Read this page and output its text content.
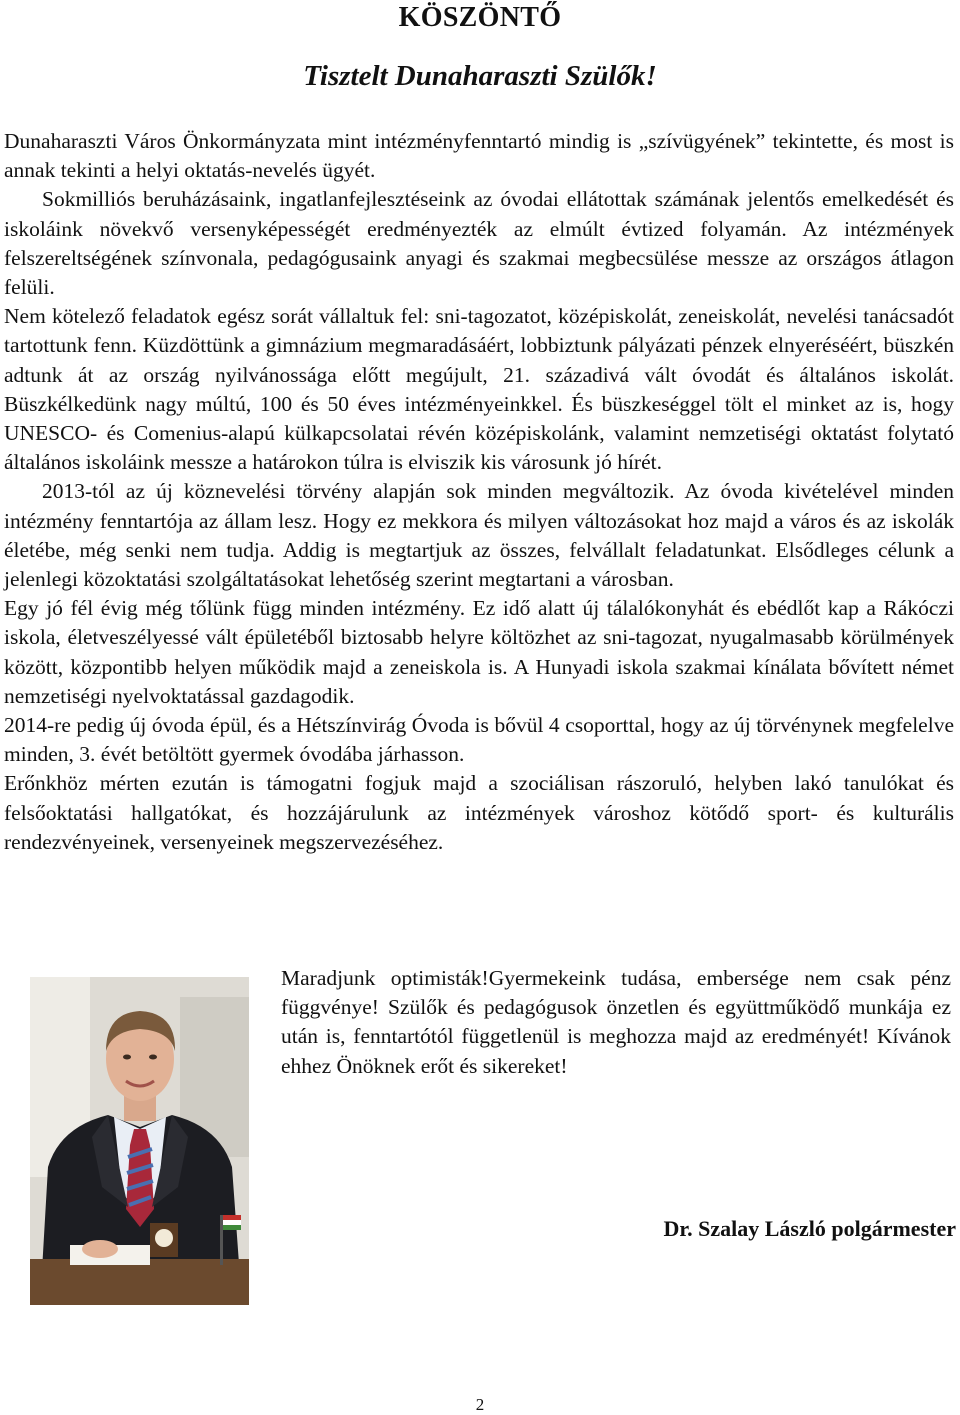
KÖSZÖNTŐ
Tisztelt Dunaharaszti Szülők!

Dunaharaszti Város Önkormányzata mint intézményfenntartó mindig is „szívügyének” tekintette, és most is annak tekinti a helyi oktatás-nevelés ügyét.

Sokmilliós beruházásaink, ingatlanfejlesztéseink az óvodai ellátottak számának jelentős emelkedését és iskoláink növekvő versenyképességét eredményezték az elmúlt évtized folyamán. Az intézmények felszereltségének színvonala, pedagógusaink anyagi és szakmai megbecsülése messze az országos átlagon felüli.

Nem kötelező feladatok egész sorát vállaltuk fel: sni-tagozatot, középiskolát, zeneiskolát, nevelési tanácsadót tartottunk fenn. Küzdöttünk a gimnázium megmaradásáért, lobbiztunk pályázati pénzek elnyeréséért, büszkén adtunk át az ország nyilvánossága előtt megújult, 21. századivá vált óvodát és általános iskolát. Büszkélkedünk nagy múltú, 100 és 50 éves intézményeinkkel. És büszkeséggel tölt el minket az is, hogy UNESCO- és Comenius-alapú külkapcsolatai révén középiskolánk, valamint nemzetiségi oktatást folytató általános iskoláink messze a határokon túlra is elviszik kis városunk jó hírét.

2013-tól az új köznevelési törvény alapján sok minden megváltozik. Az óvoda kivételével minden intézmény fenntartója az állam lesz. Hogy ez mekkora és milyen változásokat hoz majd a város és az iskolák életébe, még senki nem tudja. Addig is megtartjuk az összes, felvállalt feladatunkat. Elsődleges célunk a jelenlegi közoktatási szolgáltatásokat lehetőség szerint megtartani a városban.

Egy jó fél évig még tőlünk függ minden intézmény. Ez idő alatt új tálalókonyhát és ebédlőt kap a Rákóczi iskola, életveszélyessé vált épületéből biztosabb helyre költözhet az sni-tagozat, nyugalmasabb körülmények között, központibb helyen működik majd a zeneiskola is. A Hunyadi iskola szakmai kínálata bővített német nemzetiségi nyelvoktatással gazdagodik.

2014-re pedig új óvoda épül, és a Hétszínvirág Óvoda is bővül 4 csoporttal, hogy az új törvénynek megfelelve minden, 3. évét betöltött gyermek óvodába járhasson.

Erőnkhöz mérten ezután is támogatni fogjuk majd a szociálisan rászoruló, helyben lakó tanulókat és felsőoktatási hallgatókat, és hozzájárulunk az intézmények városhoz kötődő sport- és kulturális rendezvényeinek, versenyeinek megszervezéséhez.

Maradjunk optimisták!Gyermekeink tudása, embersége nem csak pénz függvénye! Szülők és pedagógusok önzetlen és együttműködő munkája ez után is, fenntartótól függetlenül is meghozza majd az eredményét! Kívánok ehhez Önöknek erőt és sikereket!

Dr. Szalay László polgármester

2
